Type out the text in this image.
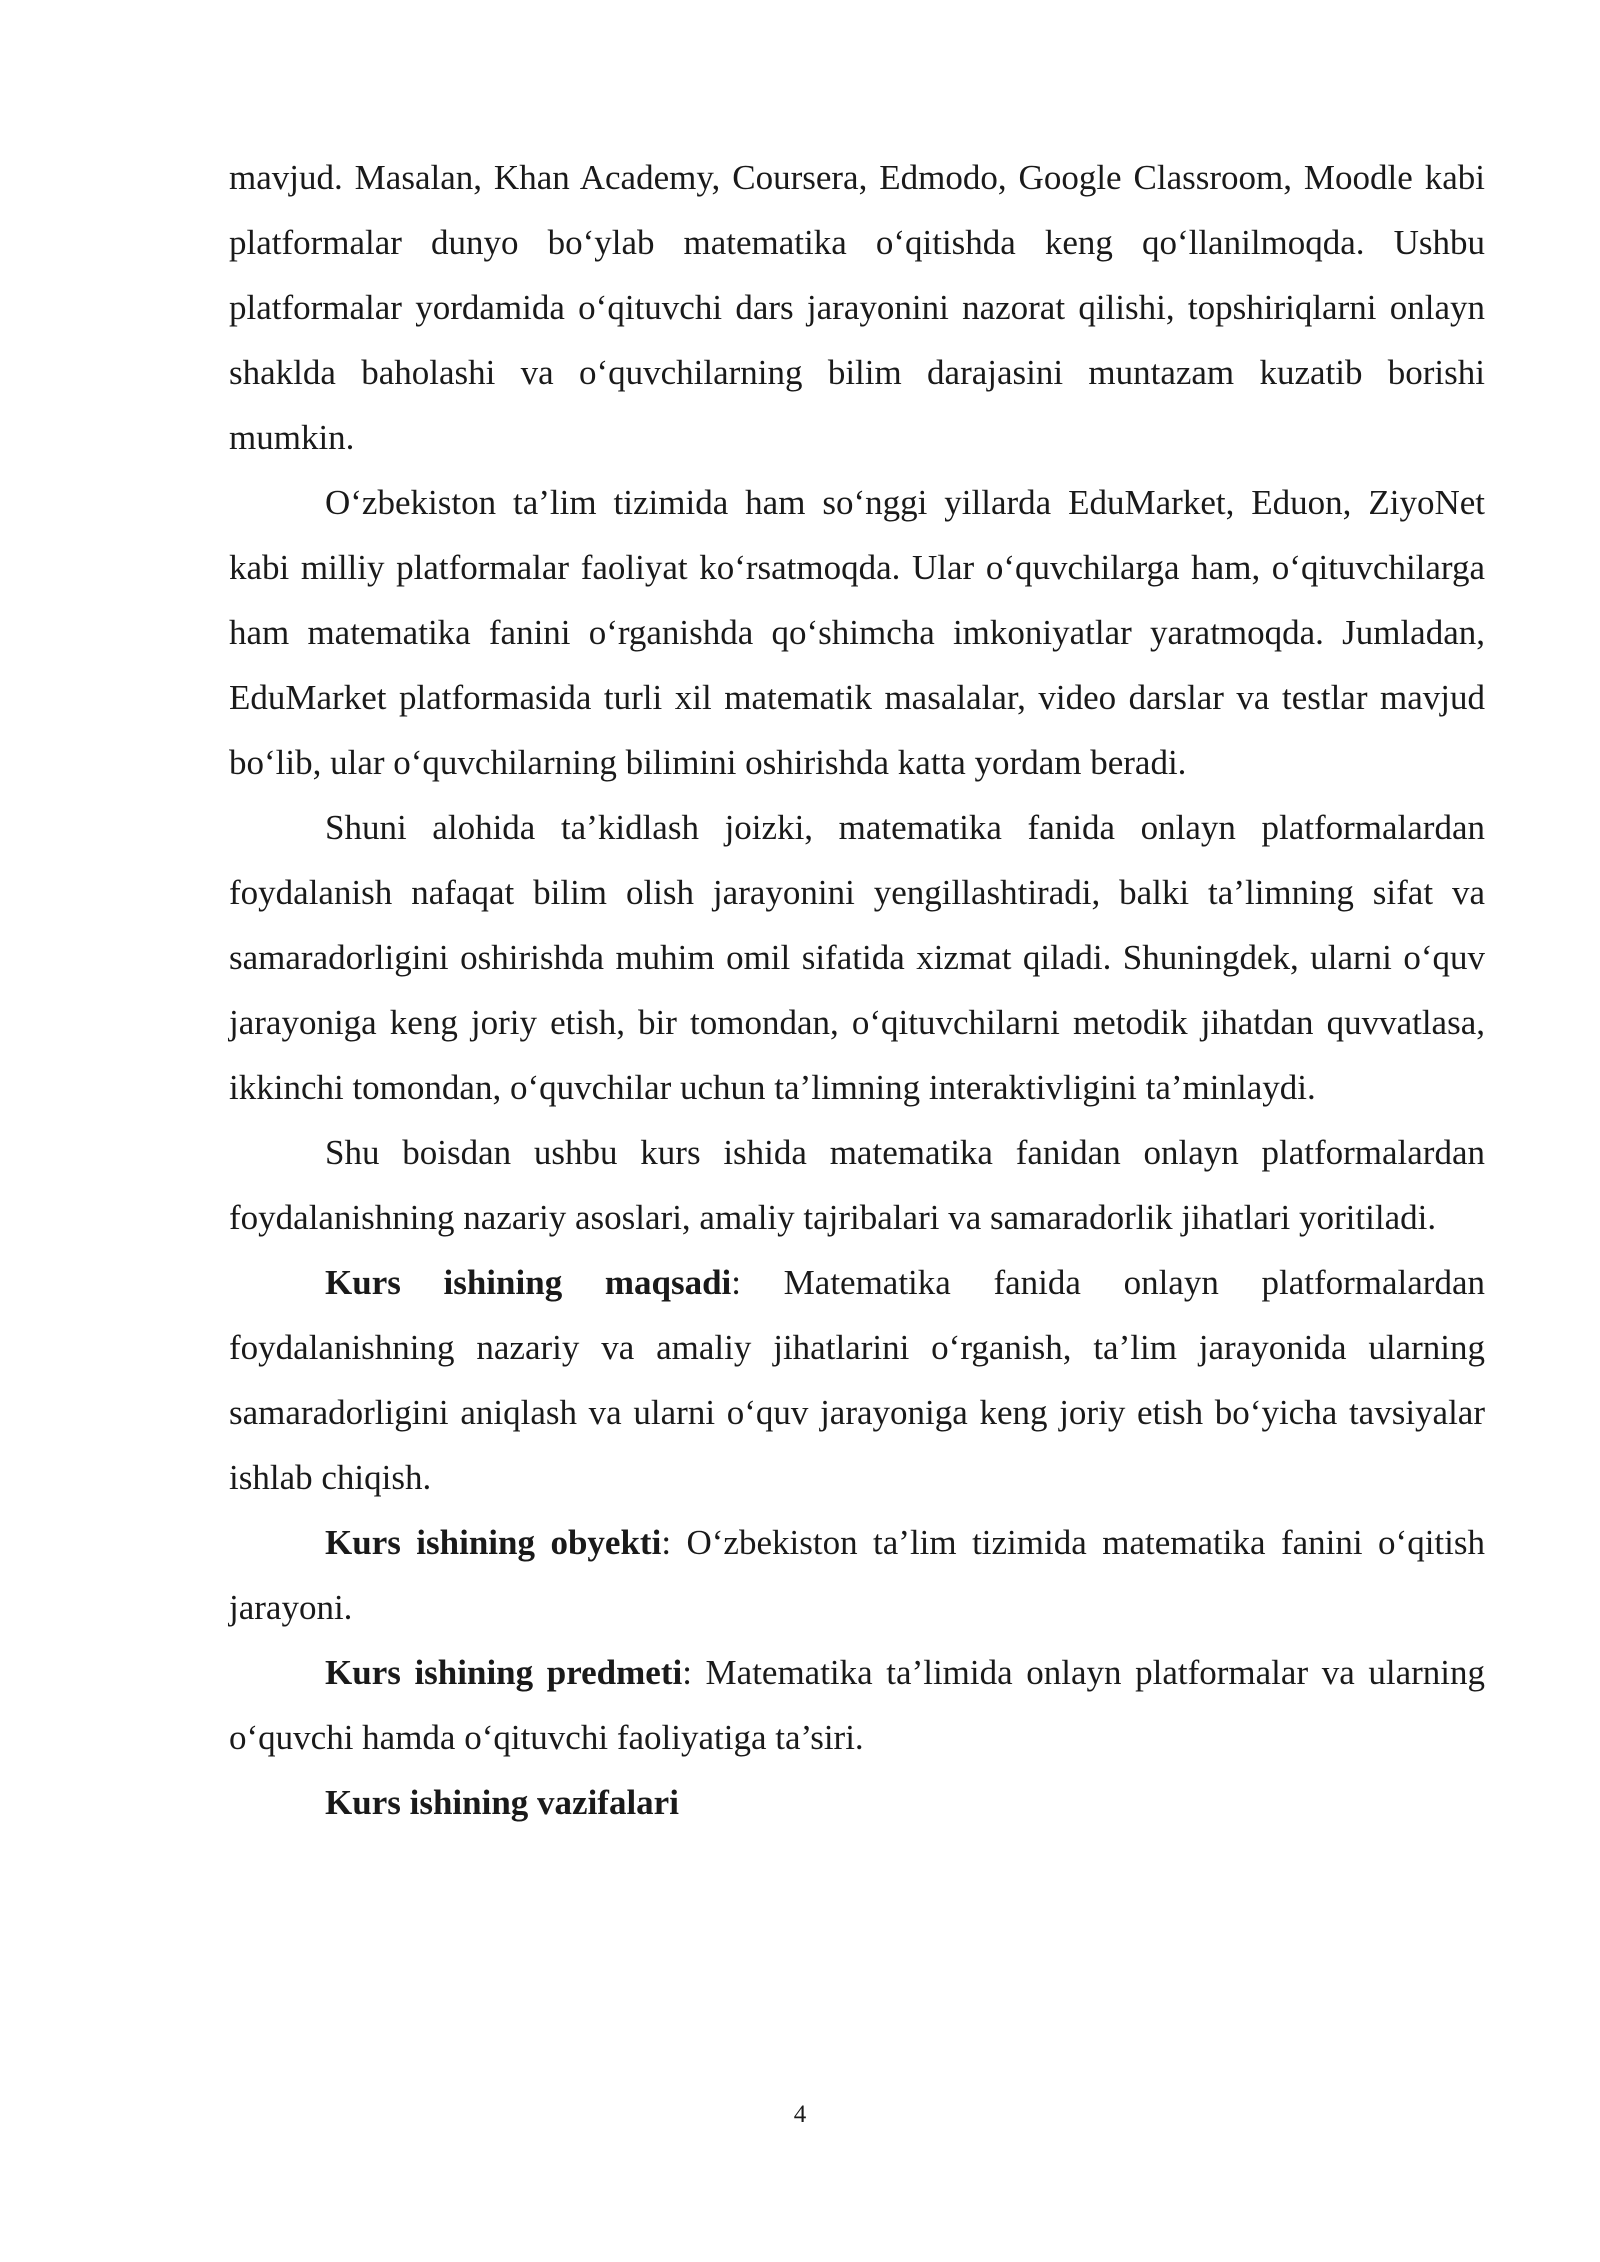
mavjud. Masalan, Khan Academy, Coursera, Edmodo, Google Classroom, Moodle kabi platformalar dunyo bo‘ylab matematika o‘qitishda keng qo‘llanilmoqda. Ushbu platformalar yordamida o‘qituvchi dars jarayonini nazorat qilishi, topshiriqlarni onlayn shaklda baholashi va o‘quvchilarning bilim darajasini muntazam kuzatib borishi mumkin.

O‘zbekiston ta’lim tizimida ham so‘nggi yillarda EduMarket, Eduon, ZiyoNet kabi milliy platformalar faoliyat ko‘rsatmoqda. Ular o‘quvchilarga ham, o‘qituvchilarga ham matematika fanini o‘rganishda qo‘shimcha imkoniyatlar yaratmoqda. Jumladan, EduMarket platformasida turli xil matematik masalalar, video darslar va testlar mavjud bo‘lib, ular o‘quvchilarning bilimini oshirishda katta yordam beradi.

Shuni alohida ta’kidlash joizki, matematika fanida onlayn platformalardan foydalanish nafaqat bilim olish jarayonini yengillashtiradi, balki ta’limning sifat va samaradorligini oshirishda muhim omil sifatida xizmat qiladi. Shuningdek, ularni o‘quv jarayoniga keng joriy etish, bir tomondan, o‘qituvchilarni metodik jihatdan quvvatlasa, ikkinchi tomondan, o‘quvchilar uchun ta’limning interaktivligini ta’minlaydi.

Shu boisdan ushbu kurs ishida matematika fanidan onlayn platformalardan foydalanishning nazariy asoslari, amaliy tajribalari va samaradorlik jihatlari yoritiladi.

Kurs ishining maqsadi: Matematika fanida onlayn platformalardan foydalanishning nazariy va amaliy jihatlarini o‘rganish, ta’lim jarayonida ularning samaradorligini aniqlash va ularni o‘quv jarayoniga keng joriy etish bo‘yicha tavsiyalar ishlab chiqish.

Kurs ishining obyekti: O‘zbekiston ta’lim tizimida matematika fanini o‘qitish jarayoni.

Kurs ishining predmeti: Matematika ta’limida onlayn platformalar va ularning o‘quvchi hamda o‘qituvchi faoliyatiga ta’siri.

Kurs ishining vazifalari

4
